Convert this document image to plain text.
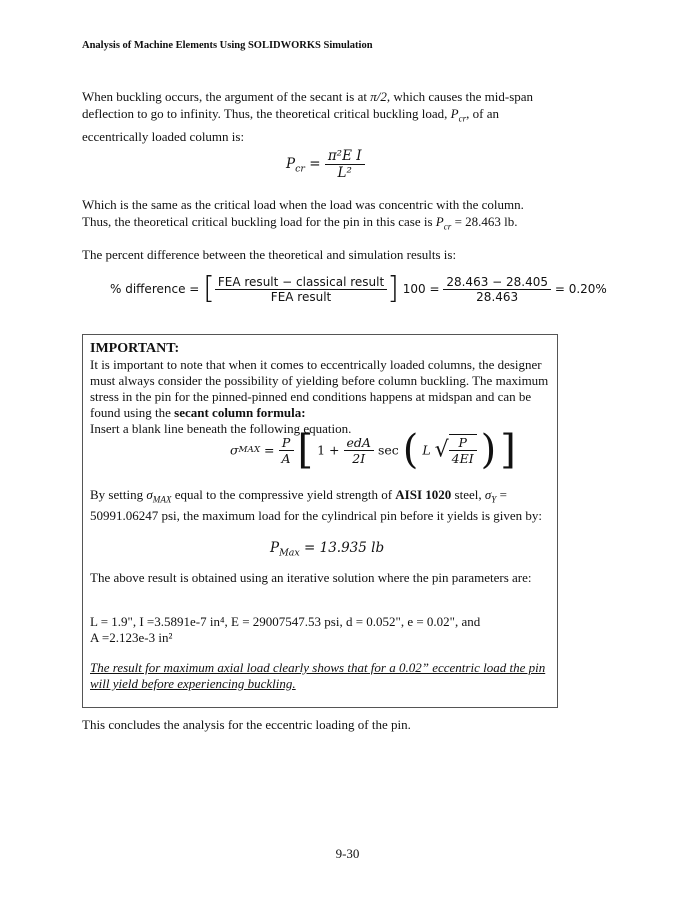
Analysis of Machine Elements Using SOLIDWORKS Simulation
When buckling occurs, the argument of the secant is at π/2, which causes the mid-span deflection to go to infinity. Thus, the theoretical critical buckling load, $P_{cr}$, of an eccentrically loaded column is:
$P_{cr} = \frac{\text{π²E I}}{\text{L²}}$
Which is the same as the critical load when the load was concentric with the column.
Thus, the theoretical critical buckling load for the pin in this case is $P_{cr} = 28.463$ lb.
The percent difference between the theoretical and simulation results is:
% difference = [ $\frac{\text{FEA result − classical result}}{\text{FEA result}}$ ] $100 = \frac{28.463 - 28.405}{28.463} = 0.20\%$
IMPORTANT:
It is important to note that when it comes to eccentrically loaded columns, the designer must always consider the possibility of yielding before column buckling. The maximum stress in the pin for the pinned-pinned end conditions happens at midspan and can be found using the secant column formula:
Insert a blank line beneath the following equation.
$\sigma MAX = \frac{P}{A}$ [ $1 + \frac{\text{edA}}{2I}$ sec ( L √ $\frac{P}{4EI}$ ) ]
By setting $\sigma_{MAX}$ equal to the compressive yield strength of AISI 1020 steel, $\sigma_Y = 50991.06247$ psi, the maximum load for the cylindrical pin before it yields is given by:
$P_{Max} = 13.935$ lb
The above result is obtained using an iterative solution where the pin parameters are:
L = 1.9", I =3.5891e-7 in⁴, E = 29007547.53 psi, d = 0.052", e = 0.02", and
A =2.123e-3 in²
The result for maximum axial load clearly shows that for a 0.02” eccentric load the pin will yield before experiencing buckling.
This concludes the analysis for the eccentric loading of the pin.
9-30
